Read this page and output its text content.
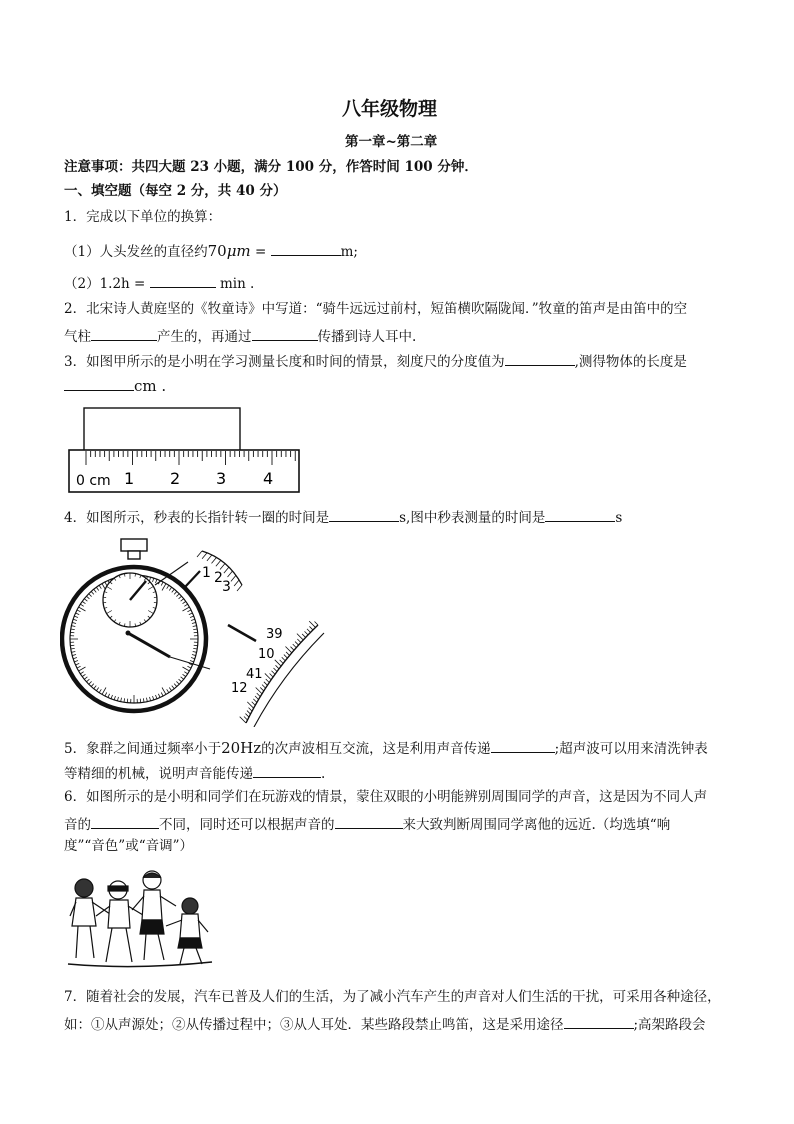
八年级物理
第一章~第二章
注意事项：共四大题 23 小题，满分 100 分，作答时间 100 分钟．
一、填空题（每空 2 分，共 40 分）
1．完成以下单位的换算：
（1）人头发丝的直径约70μm =	m;
（2）1.2h =	min .
2．北宋诗人黄庭坚的《牧童诗》中写道：“骑牛远远过前村，短笛横吹隔陇闻．”牧童的笛声是由笛中的空
气柱	产生的，再通过	传播到诗人耳中.
3．如图甲所示的是小明在学习测量长度和时间的情景，刻度尺的分度值为	,测得物体的长度是
cm .
0 cm 1 2 3 4
4．如图所示，秒表的长指针转一圈的时间是	s,图中秒表测量的时间是	s
1 2
3
39
10
41
12
5．象群之间通过频率小于20Hz的次声波相互交流，这是利用声音传递	;超声波可以用来清洗钟表
等精细的机械，说明声音能传递	.
6．如图所示的是小明和同学们在玩游戏的情景，蒙住双眼的小明能辨别周围同学的声音，这是因为不同人声
音的	不同，同时还可以根据声音的	来大致判断周围同学离他的远近.（均选填“响
度”“音色”或“音调”）
7．随着社会的发展，汽车已普及人们的生活，为了减小汽车产生的声音对人们生活的干扰，可采用各种途径，
如：①从声源处；②从传播过程中；③从人耳处．某些路段禁止鸣笛，这是采用途径	;高架路段会
